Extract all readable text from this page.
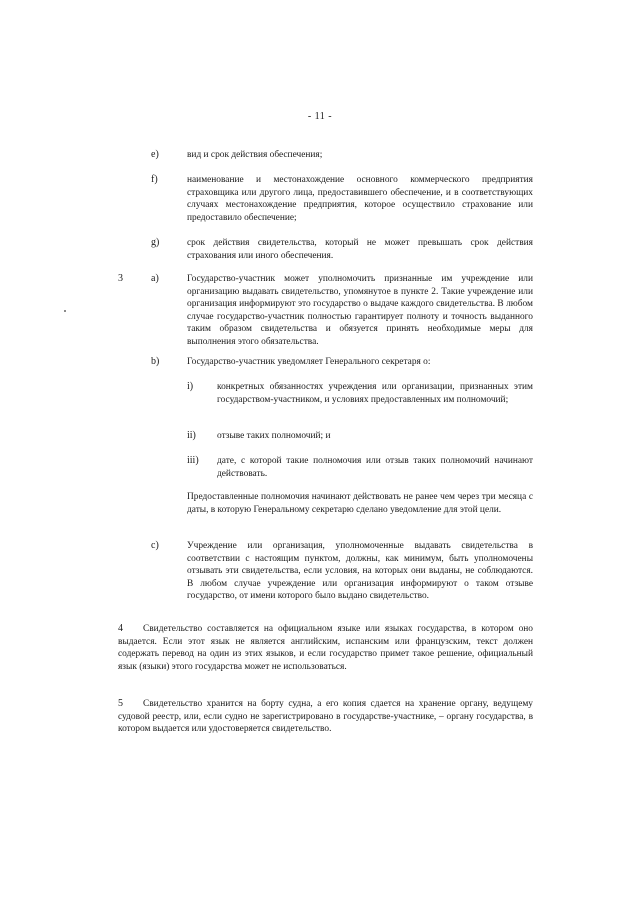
- 11 -
e)	вид и срок действия обеспечения;
f)	наименование и местонахождение основного коммерческого предприятия страховщика или другого лица, предоставившего обеспечение, и в соответствующих случаях местонахождение предприятия, которое осуществило страхование или предоставило обеспечение;
g)	срок действия свидетельства, который не может превышать срок действия страхования или иного обеспечения.
3	a)	Государство-участник может уполномочить признанные им учреждение или организацию выдавать свидетельство, упомянутое в пункте 2. Такие учреждение или организация информируют это государство о выдаче каждого свидетельства. В любом случае государство-участник полностью гарантирует полноту и точность выданного таким образом свидетельства и обязуется принять необходимые меры для выполнения этого обязательства.
b)	Государство-участник уведомляет Генерального секретаря о:
i)	конкретных обязанностях учреждения или организации, признанных этим государством-участником, и условиях предоставленных им полномочий;
ii) отзыве таких полномочий; и
iii) дате, с которой такие полномочия или отзыв таких полномочий начинают действовать.
Предоставленные полномочия начинают действовать не ранее чем через три месяца с даты, в которую Генеральному секретарю сделано уведомление для этой цели.
c)	Учреждение или организация, уполномоченные выдавать свидетельства в соответствии с настоящим пунктом, должны, как минимум, быть уполномочены отзывать эти свидетельства, если условия, на которых они выданы, не соблюдаются. В любом случае учреждение или организация информируют о таком отзыве государство, от имени которого было выдано свидетельство.
4	Свидетельство составляется на официальном языке или языках государства, в котором оно выдается. Если этот язык не является английским, испанским или французским, текст должен содержать перевод на один из этих языков, и если государство примет такое решение, официальный язык (языки) этого государства может не использоваться.
5	Свидетельство хранится на борту судна, а его копия сдается на хранение органу, ведущему судовой реестр, или, если судно не зарегистрировано в государстве-участнике, – органу государства, в котором выдается или удостоверяется свидетельство.
